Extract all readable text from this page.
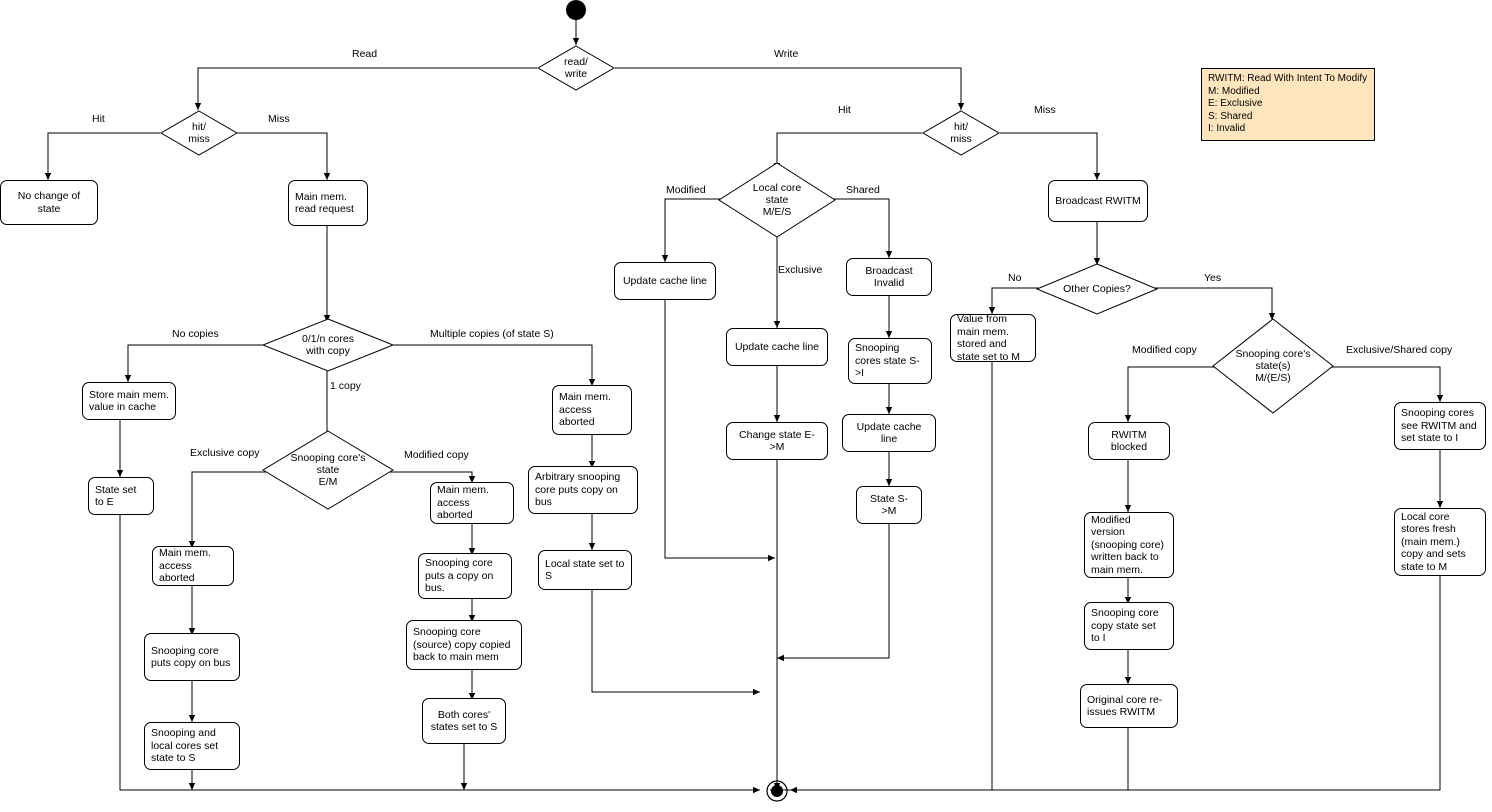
RWITM: Read With Intent To Modify
M: Modified
E: Exclusive
S: Shared
I: Invalid
read/
write
hit/
miss
hit/
miss
0/1/n cores
with copy
Snooping core's
state
E/M
Local core
state
M/E/S
Other Copies?
Snooping core's
state(s)
M/(E/S)
No change of state
Main mem. read request
Store main mem. value in cache
State set to E
Main mem. access aborted
Snooping core puts copy on bus
Snooping and local cores set state to S
Main mem. access aborted
Snooping core puts a copy on bus.
Snooping core (source) copy copied back to main mem
Both cores' states set to S
Main mem. access aborted
Arbitrary snooping core puts copy on bus
Local state set to S
Update cache line
Update cache line
Change state E->M
Broadcast Invalid
Snooping cores state S->I
Update cache line
State S->M
Broadcast RWITM
Value from main mem. stored and state set to M
RWITM blocked
Modified version (snooping core) written back to main mem.
Snooping core copy state set to I
Original core re-issues RWITM
Snooping cores see RWITM and set state to I
Local core stores fresh (main mem.) copy and sets state to M
Read	Write
Hit	Miss
Hit	Miss
No copies
1 copy
Multiple copies (of state S)
Exclusive copy	Modified copy
Modified
Exclusive
Shared
No	Yes
Modified copy	Exclusive/Shared copy
